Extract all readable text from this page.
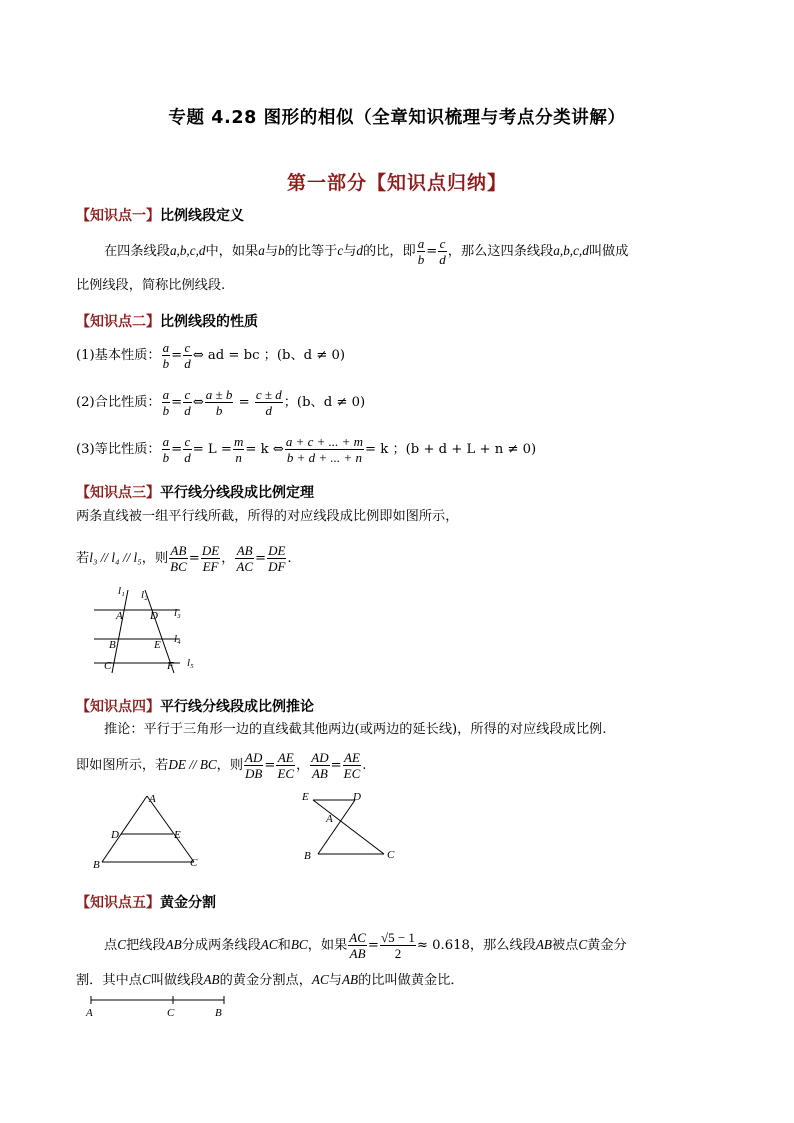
专题 4.28 图形的相似（全章知识梳理与考点分类讲解）
第一部分【知识点归纳】
【知识点一】比例线段定义
在四条线段a,b,c,d中，如果a与b的比等于c与d的比，即 $\frac{a}{b} = \frac{c}{d}$ ，那么这四条线段a,b,c,d叫做成
比例线段，简称比例线段.
【知识点二】比例线段的性质
(1)基本性质： $\frac{a}{b} = \frac{c}{d}$ ⇔ ad = bc ；(b、d ≠ 0)
(2)合比性质： $\frac{a}{b} = \frac{c}{d}$ ⇔ $\frac{a \pm b}{b} = \frac{c \pm d}{d}$ ；(b、d ≠ 0)
(3)等比性质： $\frac{a}{b} = \frac{c}{d} = L = \frac{m}{n} = k$ ⇔ $\frac{a + c + ... + m}{b + d + ... + n} = k$ ；(b + d + L + n ≠ 0)
【知识点三】平行线分线段成比例定理
两条直线被一组平行线所截，所得的对应线段成比例即如图所示，
若l₃ // l₄ // l₅，则 $\frac{AB}{BC} = \frac{DE}{EF}$ ， $\frac{AB}{AC} = \frac{DE}{DF}$ .
l₁ l₂
l₃
l₄
l₅
A D
B	E
C	F
【知识点四】平行线分线段成比例推论
推论：平行于三角形一边的直线截其他两边(或两边的延长线)，所得的对应线段成比例.
即如图所示，若DE // BC，则 $\frac{AD}{DB} = \frac{AE}{EC}$ ， $\frac{AD}{AB} = \frac{AE}{EC}$ .
A
D	E
B	C
E	D
A
B	C
【知识点五】黄金分割
点C把线段AB分成两条线段AC和BC，如果 $\frac{AC}{AB} = \frac{√5 - 1}{2} \approx 0.618$，那么线段AB被点C黄金分
割．其中点C叫做线段AB的黄金分割点，AC与AB的比叫做黄金比．
A	C	B
